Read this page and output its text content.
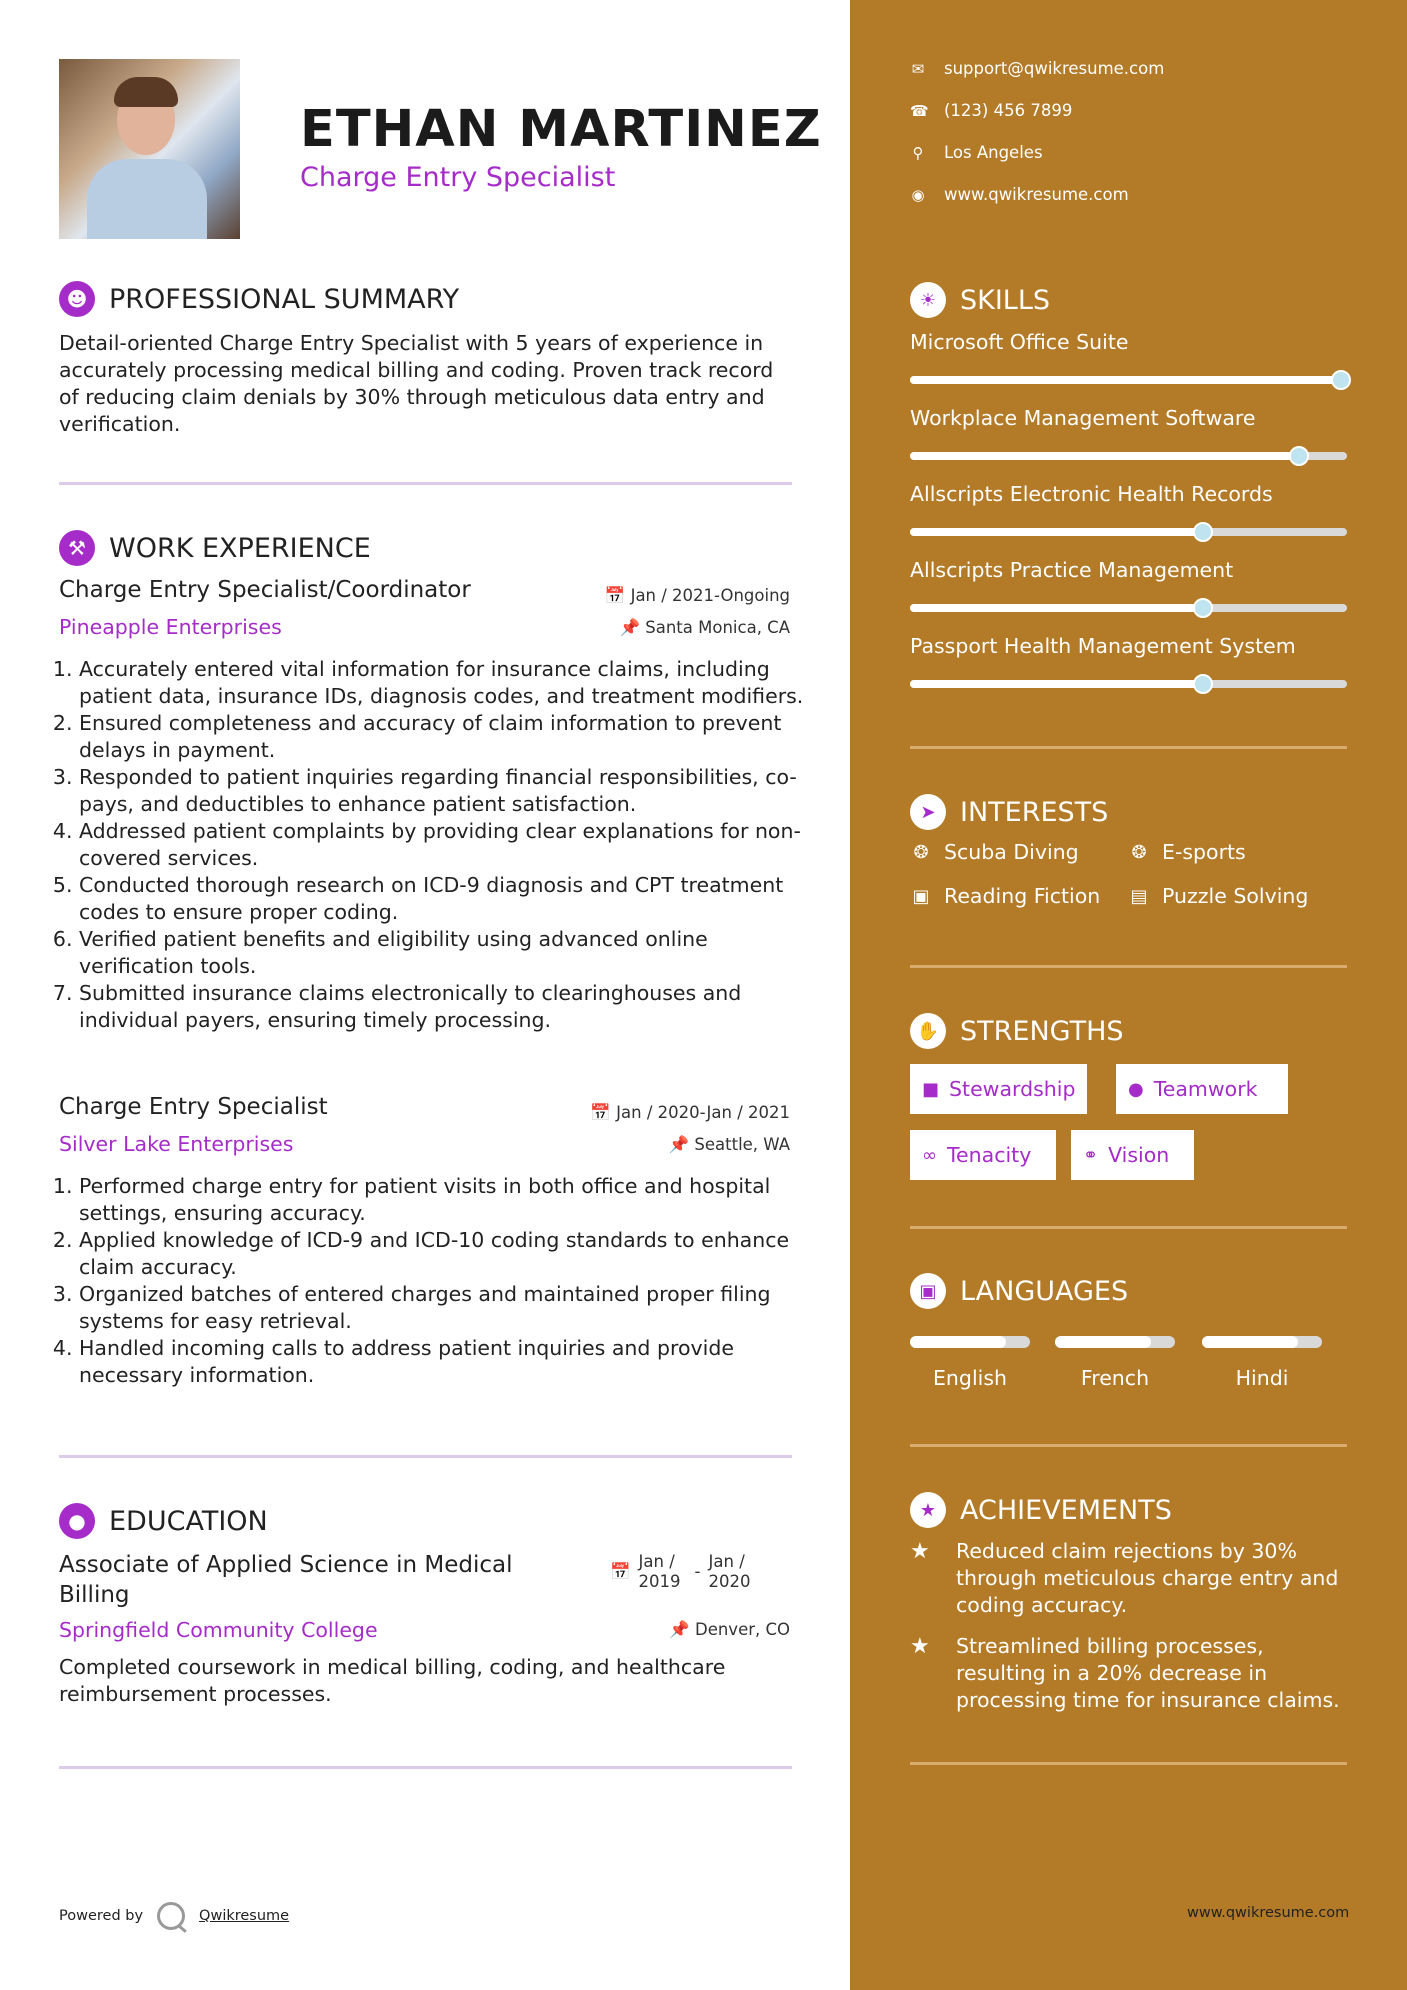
ETHAN MARTINEZ
Charge Entry Specialist
☻ PROFESSIONAL SUMMARY
Detail-oriented Charge Entry Specialist with 5 years of experience in accurately processing medical billing and coding. Proven track record of reducing claim denials by 30% through meticulous data entry and verification.
⚒ WORK EXPERIENCE
Charge Entry Specialist/Coordinator	📅 Jan / 2021-Ongoing
Pineapple Enterprises	📌 Santa Monica, CA
1. Accurately entered vital information for insurance claims, including patient data, insurance IDs, diagnosis codes, and treatment modifiers.
2. Ensured completeness and accuracy of claim information to prevent delays in payment.
3. Responded to patient inquiries regarding financial responsibilities, co-pays, and deductibles to enhance patient satisfaction.
4. Addressed patient complaints by providing clear explanations for non-covered services.
5. Conducted thorough research on ICD-9 diagnosis and CPT treatment codes to ensure proper coding.
6. Verified patient benefits and eligibility using advanced online verification tools.
7. Submitted insurance claims electronically to clearinghouses and individual payers, ensuring timely processing.
Charge Entry Specialist	📅 Jan / 2020-Jan / 2021
Silver Lake Enterprises	📌 Seattle, WA
1. Performed charge entry for patient visits in both office and hospital settings, ensuring accuracy.
2. Applied knowledge of ICD-9 and ICD-10 coding standards to enhance claim accuracy.
3. Organized batches of entered charges and maintained proper filing systems for easy retrieval.
4. Handled incoming calls to address patient inquiries and provide necessary information.
● EDUCATION
Associate of Applied Science in Medical Billing
📅
Jan / 2019
-
Jan / 2020
Springfield Community College	📌 Denver, CO
Completed coursework in medical billing, coding, and healthcare reimbursement processes.
Powered by	Qwikresume
✉ support@qwikresume.com
☎ (123) 456 7899
⚲ Los Angeles
◉ www.qwikresume.com
☀ SKILLS
Microsoft Office Suite
Workplace Management Software
Allscripts Electronic Health Records
Allscripts Practice Management
Passport Health Management System
➤ INTERESTS
❂ Scuba Diving	❂ E-sports
▣ Reading Fiction ▤ Puzzle Solving
✋ STRENGTHS
■ Stewardship	● Teamwork
∞ Tenacity	⚭ Vision
▣ LANGUAGES
English	French	Hindi
★ ACHIEVEMENTS
★	Reduced claim rejections by 30% through meticulous charge entry and coding accuracy.
★	Streamlined billing processes, resulting in a 20% decrease in processing time for insurance claims.
www.qwikresume.com
